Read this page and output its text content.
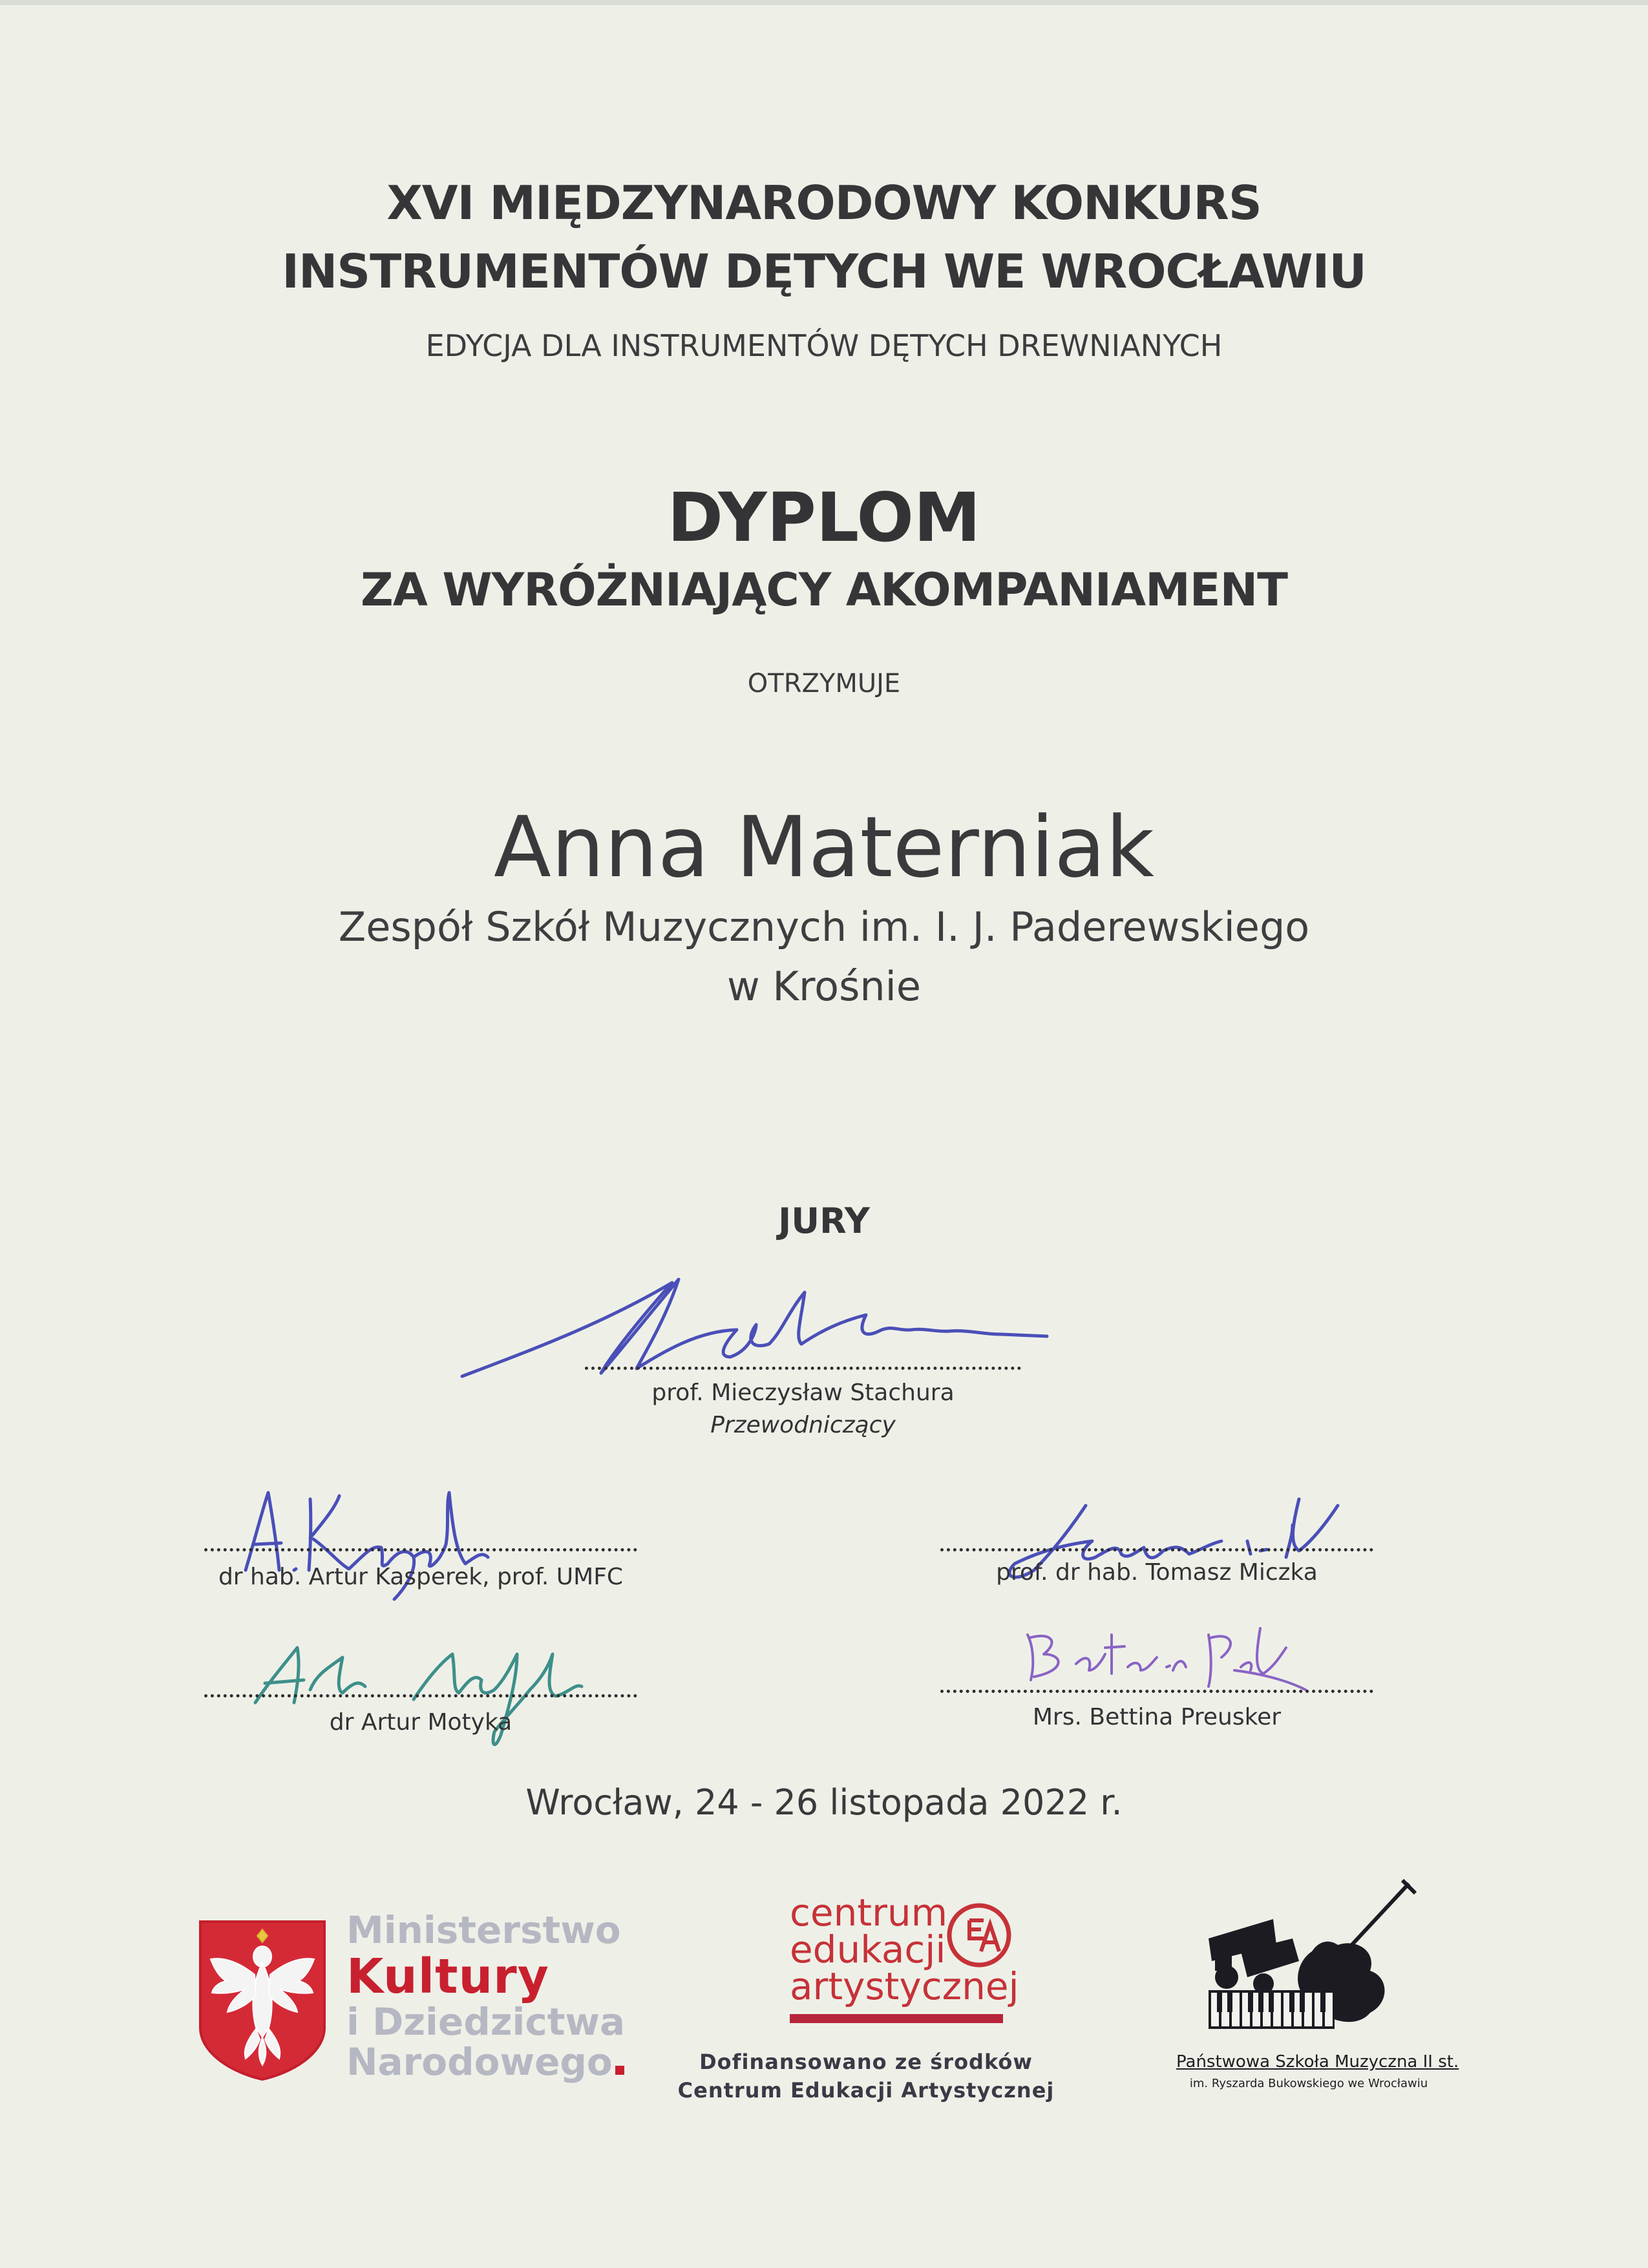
XVI MIĘDZYNARODOWY KONKURS
INSTRUMENTÓW DĘTYCH WE WROCŁAWIU
EDYCJA DLA INSTRUMENTÓW DĘTYCH DREWNIANYCH
DYPLOM
ZA WYRÓŻNIAJĄCY AKOMPANIAMENT
OTRZYMUJE
Anna Materniak
Zespół Szkół Muzycznych im. I. J. Paderewskiego
w Krośnie
JURY
prof. Mieczysław Stachura
Przewodniczący
dr hab. Artur Kasperek, prof. UMFC	prof. dr hab. Tomasz Miczka
dr Artur Motyka	Mrs. Bettina Preusker
Wrocław, 24 - 26 listopada 2022 r.
Ministerstwo
Kultury
i Dziedzictwa
Narodowego
centrum
edukacji
artystycznej
Dofinansowano ze środków
Centrum Edukacji Artystycznej
Państwowa Szkoła Muzyczna II st.
im. Ryszarda Bukowskiego we Wrocławiu
